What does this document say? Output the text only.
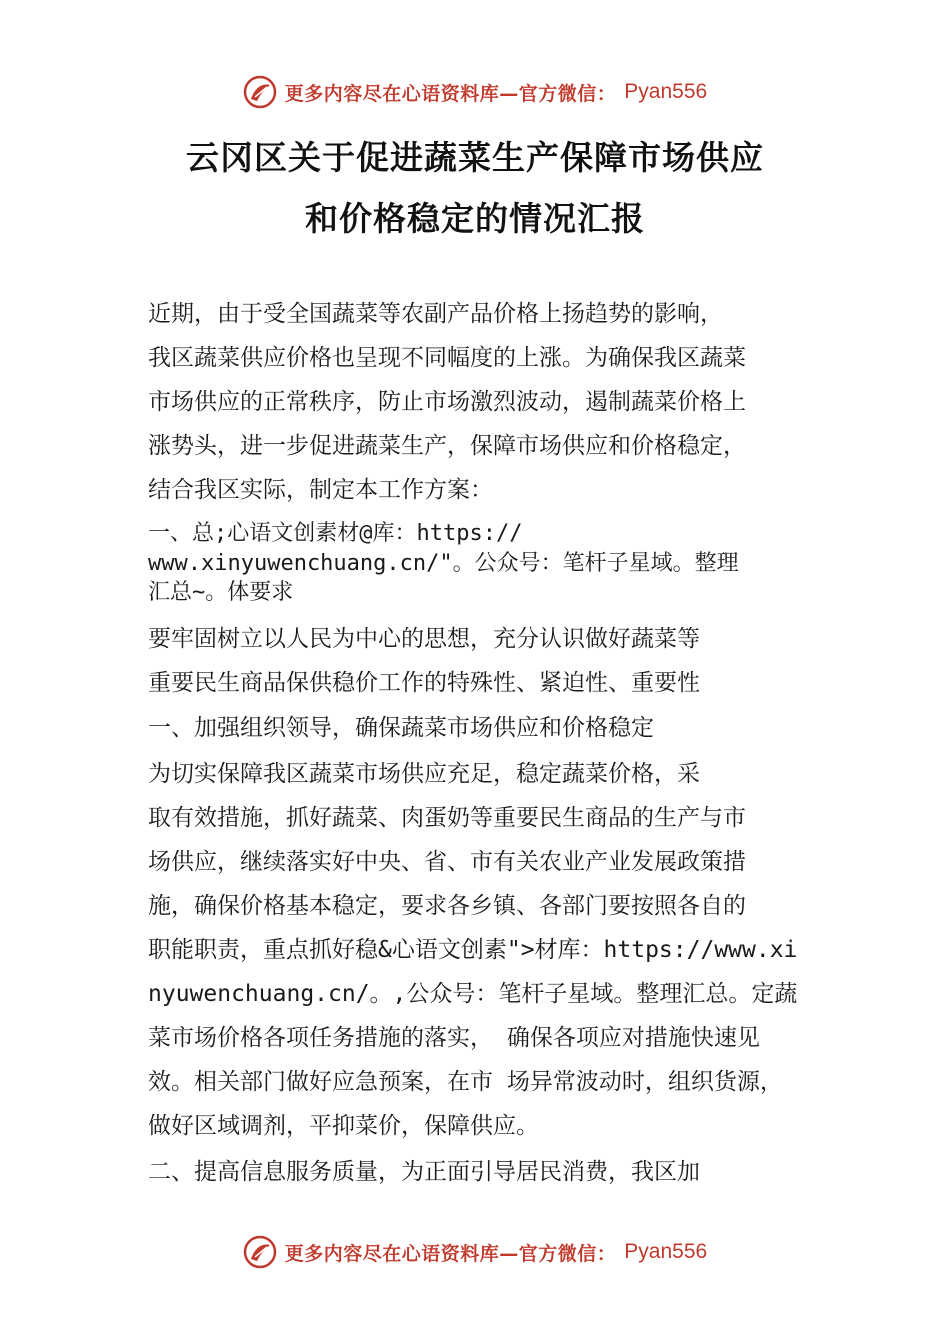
更多内容尽在心语资料库—官方微信： Pyan556
云冈区关于促进蔬菜生产保障市场供应
和价格稳定的情况汇报
近期，由于受全国蔬菜等农副产品价格上扬趋势的影响，
我区蔬菜供应价格也呈现不同幅度的上涨。为确保我区蔬菜
市场供应的正常秩序，防止市场激烈波动，遏制蔬菜价格上
涨势头，进一步促进蔬菜生产，保障市场供应和价格稳定，
结合我区实际，制定本工作方案：
一、总;心语文创素材@库：https://
www.xinyuwenchuang.cn/"。公众号：笔杆子星域。整理
汇总~。体要求
要牢固树立以人民为中心的思想，充分认识做好蔬菜等
重要民生商品保供稳价工作的特殊性、紧迫性、重要性
一、加强组织领导，确保蔬菜市场供应和价格稳定
为切实保障我区蔬菜市场供应充足，稳定蔬菜价格，采
取有效措施，抓好蔬菜、肉蛋奶等重要民生商品的生产与市
场供应，继续落实好中央、省、市有关农业产业发展政策措
施，确保价格基本稳定，要求各乡镇、各部门要按照各自的
职能职责，重点抓好稳&心语文创素">材库：https://www.xi
nyuwenchuang.cn/。,公众号：笔杆子星域。整理汇总。定蔬
菜市场价格各项任务措施的落实， 确保各项应对措施快速见
效。相关部门做好应急预案，在市 场异常波动时，组织货源，
做好区域调剂，平抑菜价，保障供应。
二、提高信息服务质量，为正面引导居民消费，我区加
更多内容尽在心语资料库—官方微信： Pyan556
